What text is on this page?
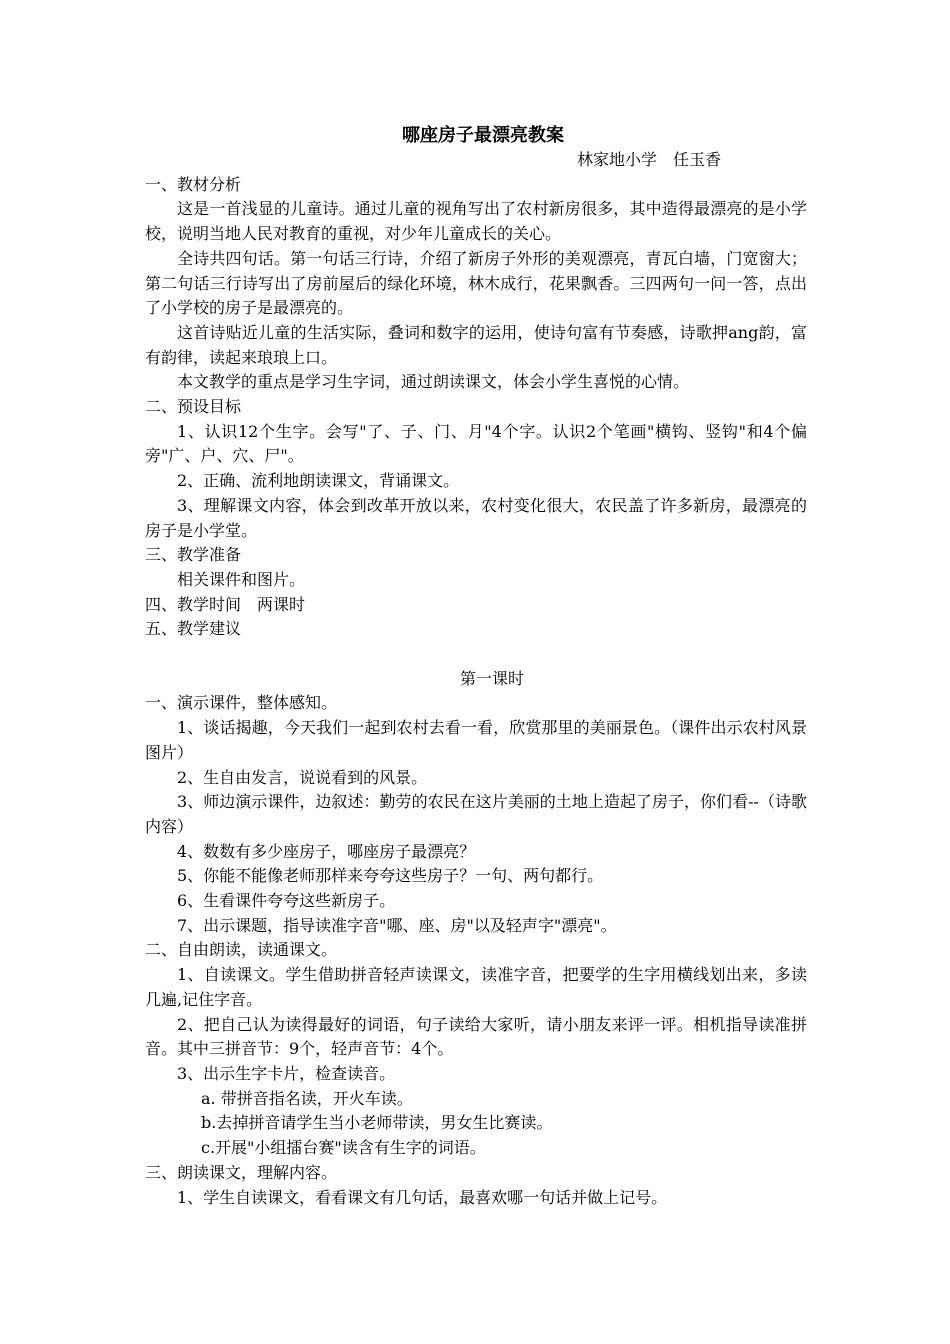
哪座房子最漂亮教案
林家地小学　任玉香

一、教材分析

这是一首浅显的儿童诗。通过儿童的视角写出了农村新房很多，其中造得最漂亮的是小学校，说明当地人民对教育的重视，对少年儿童成长的关心。

全诗共四句话。第一句话三行诗，介绍了新房子外形的美观漂亮，青瓦白墙，门宽窗大；第二句话三行诗写出了房前屋后的绿化环境，林木成行，花果飘香。三四两句一问一答，点出了小学校的房子是最漂亮的。

这首诗贴近儿童的生活实际，叠词和数字的运用，使诗句富有节奏感，诗歌押ang韵，富有韵律，读起来琅琅上口。

本文教学的重点是学习生字词，通过朗读课文，体会小学生喜悦的心情。

二、预设目标

1、认识12个生字。会写"了、子、门、月"4个字。认识2个笔画"横钩、竖钩"和4个偏旁"广、户、穴、尸"。

2、正确、流利地朗读课文，背诵课文。

3、理解课文内容，体会到改革开放以来，农村变化很大，农民盖了许多新房，最漂亮的房子是小学堂。

三、教学准备

相关课件和图片。

四、教学时间　两课时

五、教学建议

第一课时

一、演示课件，整体感知。

1、谈话揭趣，今天我们一起到农村去看一看，欣赏那里的美丽景色。（课件出示农村风景图片）

2、生自由发言，说说看到的风景。

3、师边演示课件，边叙述：勤劳的农民在这片美丽的土地上造起了房子，你们看--（诗歌内容）

4、数数有多少座房子，哪座房子最漂亮？

5、你能不能像老师那样来夸夸这些房子？一句、两句都行。

6、生看课件夸夸这些新房子。

7、出示课题，指导读准字音"哪、座、房"以及轻声字"漂亮"。

二、自由朗读，读通课文。

1、自读课文。学生借助拼音轻声读课文，读准字音，把要学的生字用横线划出来，多读几遍,记住字音。

2、把自己认为读得最好的词语，句子读给大家听，请小朋友来评一评。相机指导读准拼音。其中三拼音节：9个，轻声音节：4个。

3、出示生字卡片，检查读音。

a. 带拼音指名读，开火车读。

b.去掉拼音请学生当小老师带读，男女生比赛读。

c.开展"小组擂台赛"读含有生字的词语。

三、朗读课文，理解内容。

1、学生自读课文，看看课文有几句话，最喜欢哪一句话并做上记号。
